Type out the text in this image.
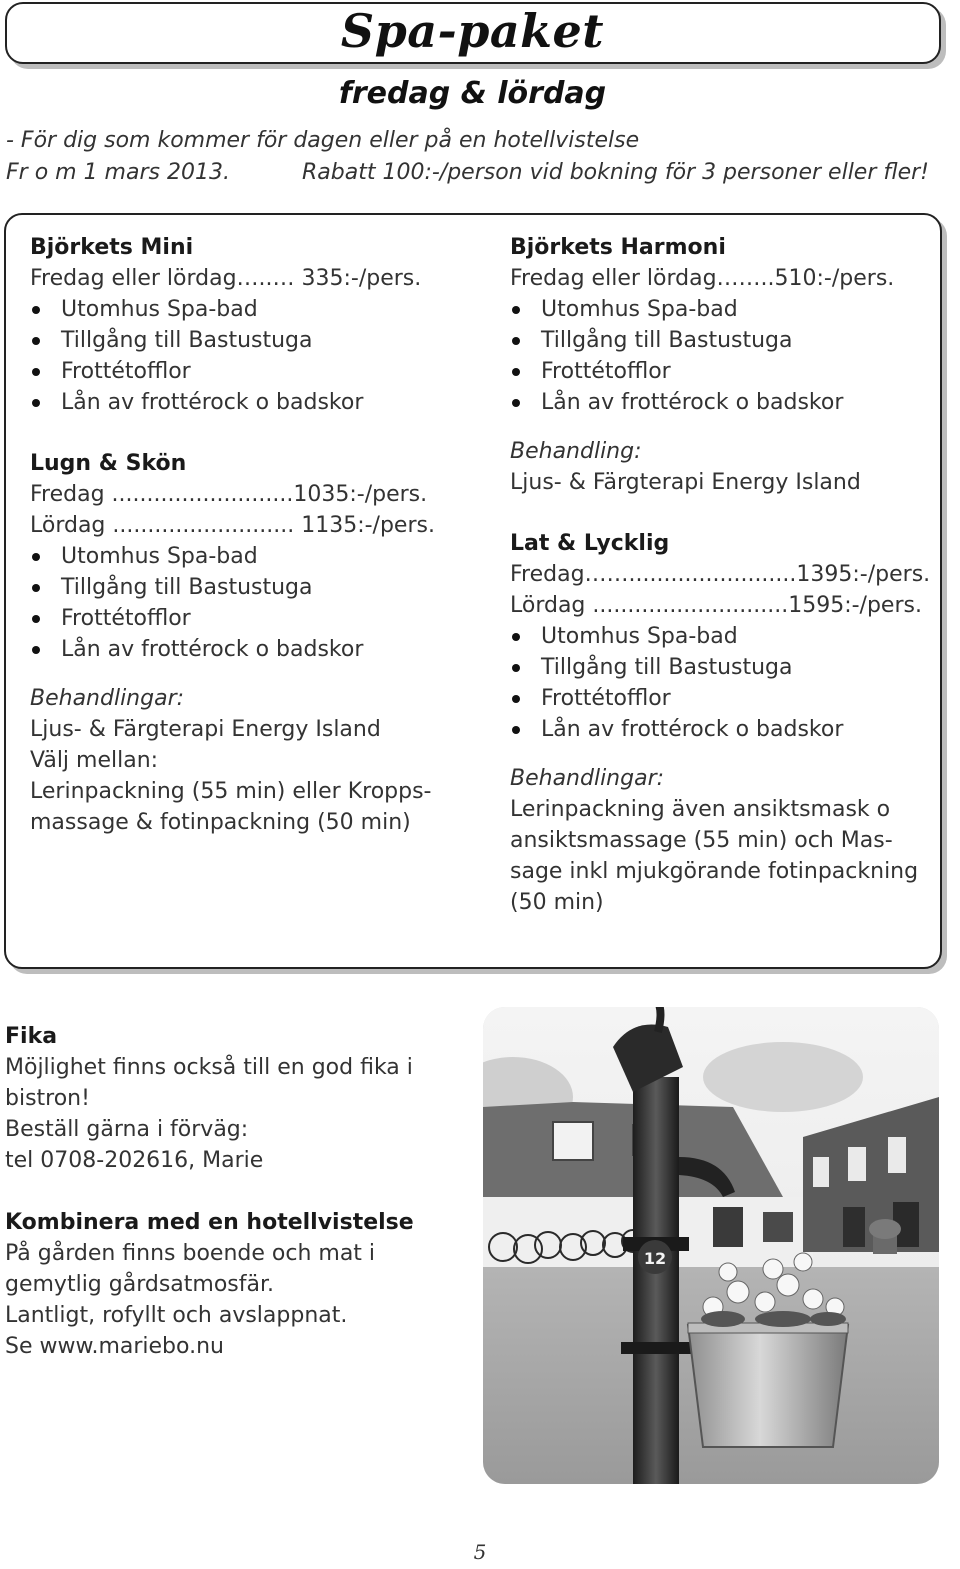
Spa-paket
fredag & lördag
- För dig som kommer för dagen eller på en hotellvistelse
Fr o m 1 mars 2013.	Rabatt 100:-/person vid bokning för 3 personer eller fler!
Björkets Mini
Fredag eller lördag…..… 335:-/pers.
Utomhus Spa-bad
Tillgång till Bastustuga
Frottétofflor
Lån av frottérock o badskor
Lugn & Skön
Fredag ..........................1035:-/pers.
Lördag .......................... 1135:-/pers.
Utomhus Spa-bad
Tillgång till Bastustuga
Frottétofflor
Lån av frottérock o badskor
Behandlingar:
Ljus- & Färgterapi Energy Island
Välj mellan:
Lerinpackning (55 min) eller Kropps-
massage & fotinpackning (50 min)
Björkets Harmoni
Fredag eller lördag……..510:-/pers.
Utomhus Spa-bad
Tillgång till Bastustuga
Frottétofflor
Lån av frottérock o badskor
Behandling:
Ljus- & Färgterapi Energy Island
Lat & Lycklig
Fredag……........................1395:-/pers.
Lördag ............................1595:-/pers.
Utomhus Spa-bad
Tillgång till Bastustuga
Frottétofflor
Lån av frottérock o badskor
Behandlingar:
Lerinpackning även ansiktsmask o
ansiktsmassage (55 min) och Mas-
sage inkl mjukgörande fotinpackning
(50 min)
Fika
Möjlighet finns också till en god fika i
bistron!
Beställ gärna i förväg:
tel 0708-202616, Marie
Kombinera med en hotellvistelse
På gården finns boende och mat i
gemytlig gårdsatmosfär.
Lantligt, rofyllt och avslappnat.
Se www.mariebo.nu
12
5
